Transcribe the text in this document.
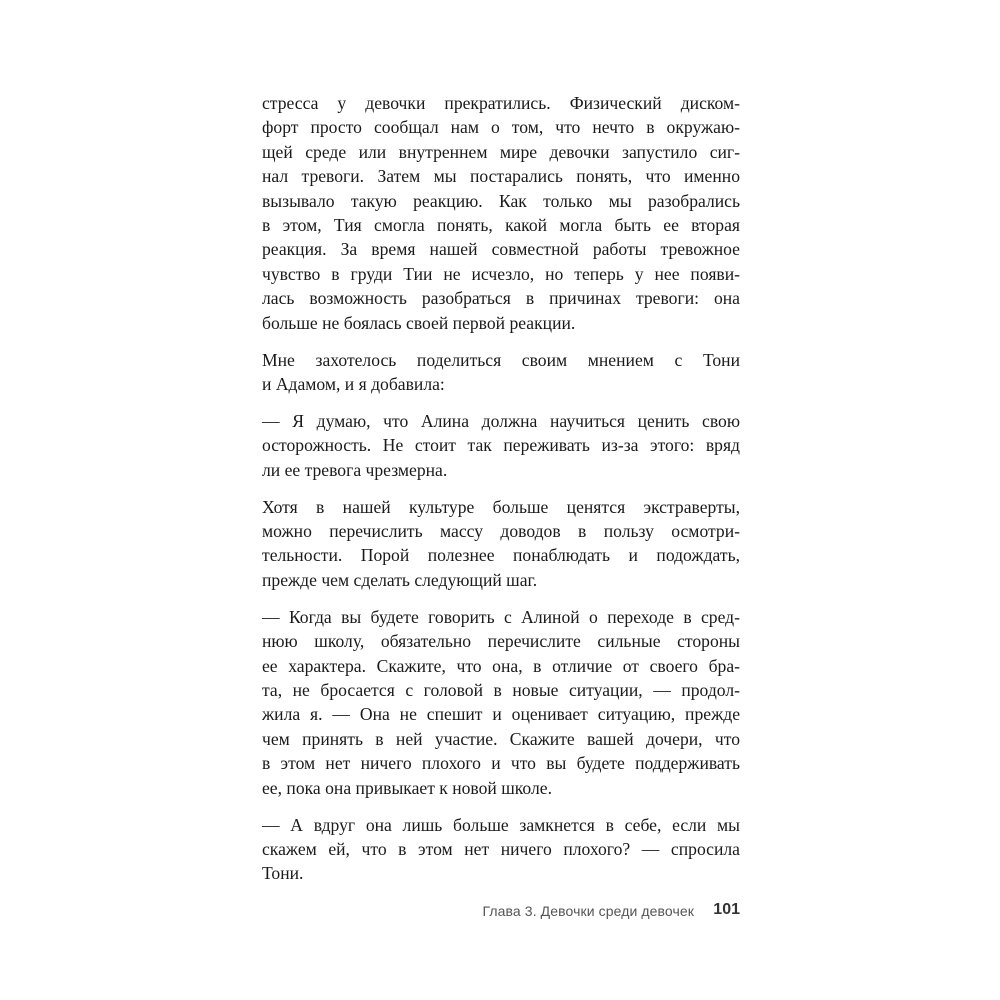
стресса у девочки прекратились. Физический диском-
форт просто сообщал нам о том, что нечто в окружаю-
щей среде или внутреннем мире девочки запустило сиг-
нал тревоги. Затем мы постарались понять, что именно
вызывало такую реакцию. Как только мы разобрались
в этом, Тия смогла понять, какой могла быть ее вторая
реакция. За время нашей совместной работы тревожное
чувство в груди Тии не исчезло, но теперь у нее появи-
лась возможность разобраться в причинах тревоги: она
больше не боялась своей первой реакции.
Мне захотелось поделиться своим мнением с Тони
и Адамом, и я добавила:
— Я думаю, что Алина должна научиться ценить свою
осторожность. Не стоит так переживать из-за этого: вряд
ли ее тревога чрезмерна.
Хотя в нашей культуре больше ценятся экстраверты,
можно перечислить массу доводов в пользу осмотри-
тельности. Порой полезнее понаблюдать и подождать,
прежде чем сделать следующий шаг.
— Когда вы будете говорить с Алиной о переходе в сред-
нюю школу, обязательно перечислите сильные стороны
ее характера. Скажите, что она, в отличие от своего бра-
та, не бросается с головой в новые ситуации, — продол-
жила я. — Она не спешит и оценивает ситуацию, прежде
чем принять в ней участие. Скажите вашей дочери, что
в этом нет ничего плохого и что вы будете поддерживать
ее, пока она привыкает к новой школе.
— А вдруг она лишь больше замкнется в себе, если мы
скажем ей, что в этом нет ничего плохого? — спросила
Тони.
Глава 3. Девочки среди девочек 101
